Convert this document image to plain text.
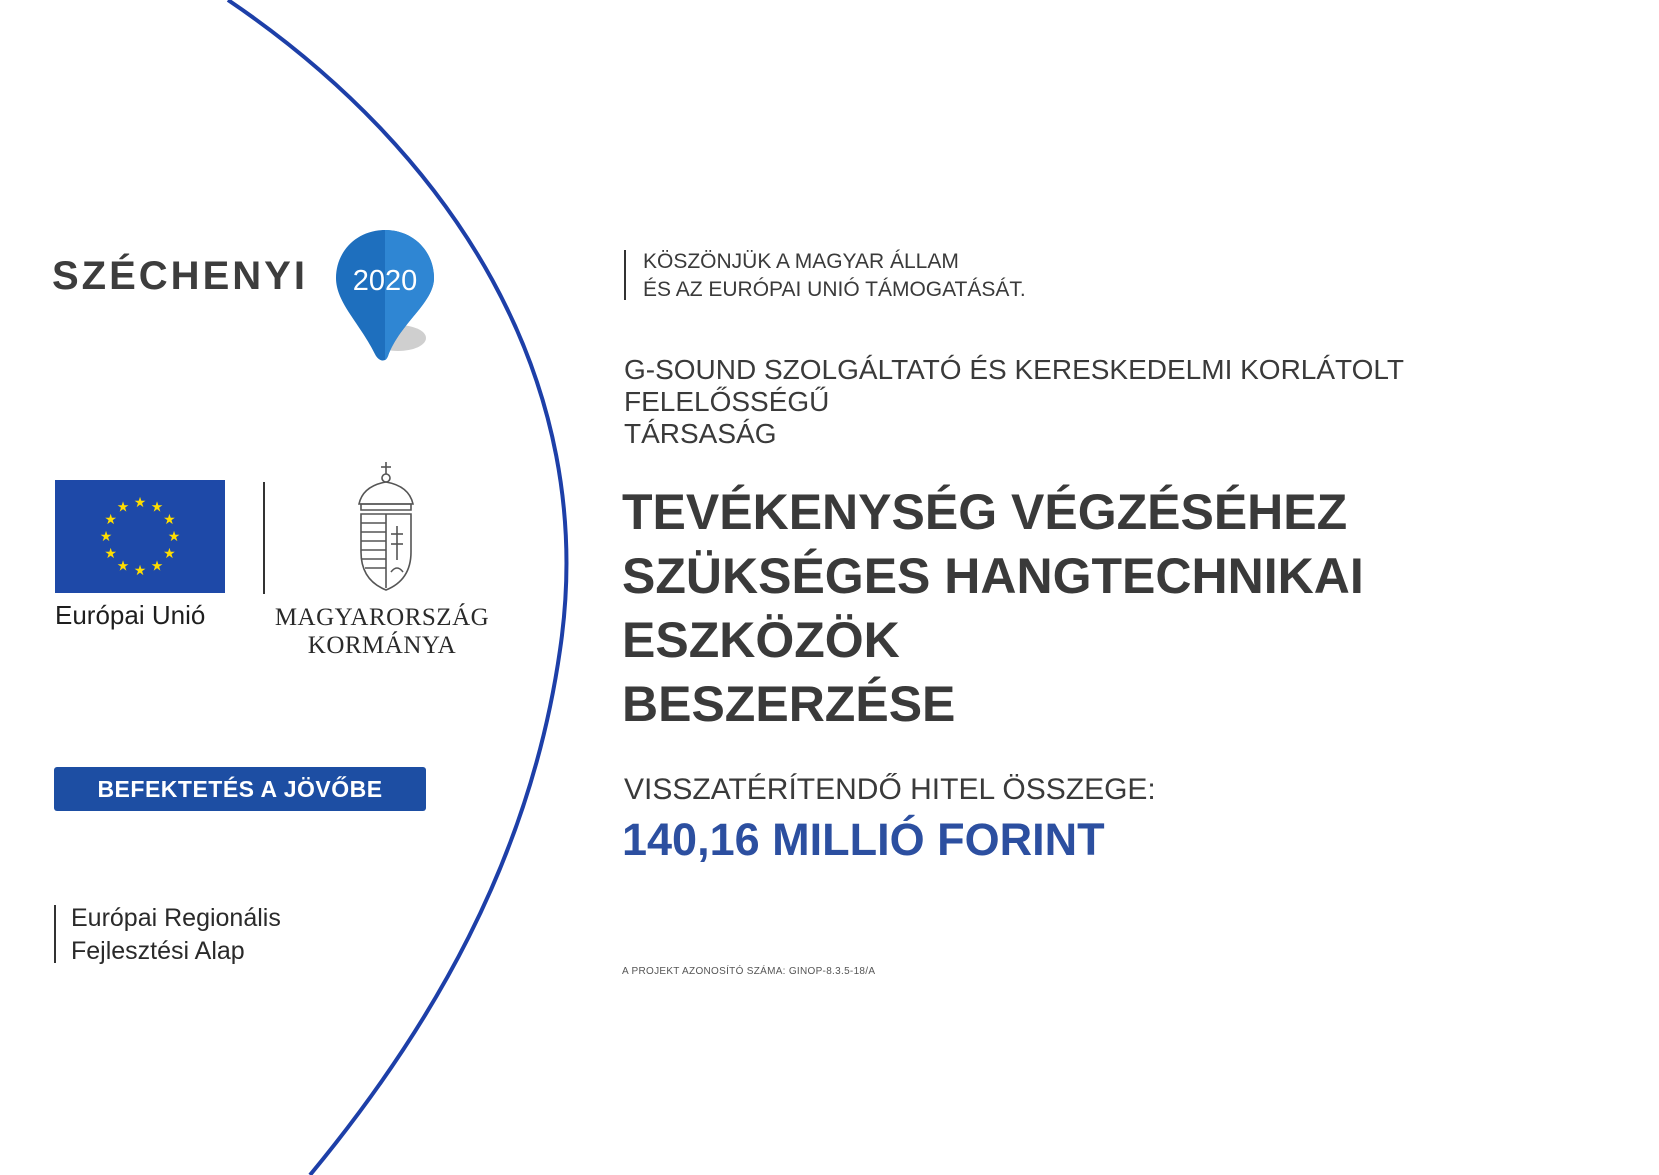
SZÉCHENYI 2020
★ ★
★
★
★
★
★
★
★
★
★
★
Európai Unió	MAGYARORSZÁG
KORMÁNYA
BEFEKTETÉS A JÖVŐBE
Európai Regionális
Fejlesztési Alap
KÖSZÖNJÜK A MAGYAR ÁLLAM
ÉS AZ EURÓPAI UNIÓ TÁMOGATÁSÁT.
G-SOUND SZOLGÁLTATÓ ÉS KERESKEDELMI KORLÁTOLT
FELELŐSSÉGŰ
TÁRSASÁG
TEVÉKENYSÉG VÉGZÉSÉHEZ
SZÜKSÉGES HANGTECHNIKAI
ESZKÖZÖK
BESZERZÉSE
VISSZATÉRÍTENDŐ HITEL ÖSSZEGE:
140,16 MILLIÓ FORINT
A PROJEKT AZONOSÍTÓ SZÁMA: GINOP-8.3.5-18/A
